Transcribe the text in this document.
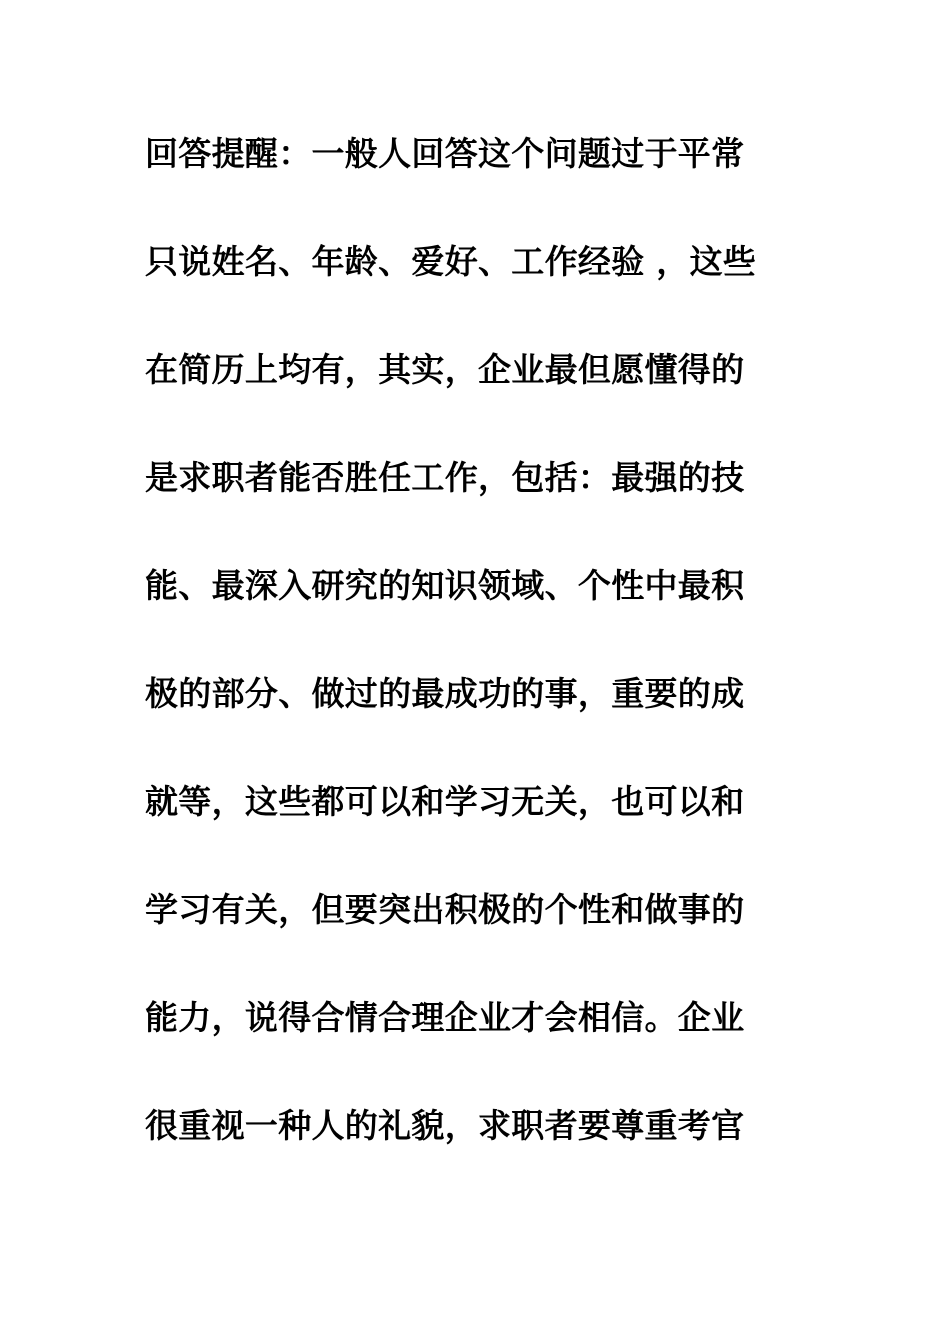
回答提醒：一般人回答这个问题过于平常
只说姓名、年龄、爱好、工作经验 ，这些
在简历上均有，其实，企业最但愿懂得的
是求职者能否胜任工作，包括：最强的技
能、最深入研究的知识领域、个性中最积
极的部分、做过的最成功的事，重要的成
就等，这些都可以和学习无关，也可以和
学习有关，但要突出积极的个性和做事的
能力，说得合情合理企业才会相信。企业
很重视一种人的礼貌，求职者要尊重考官
